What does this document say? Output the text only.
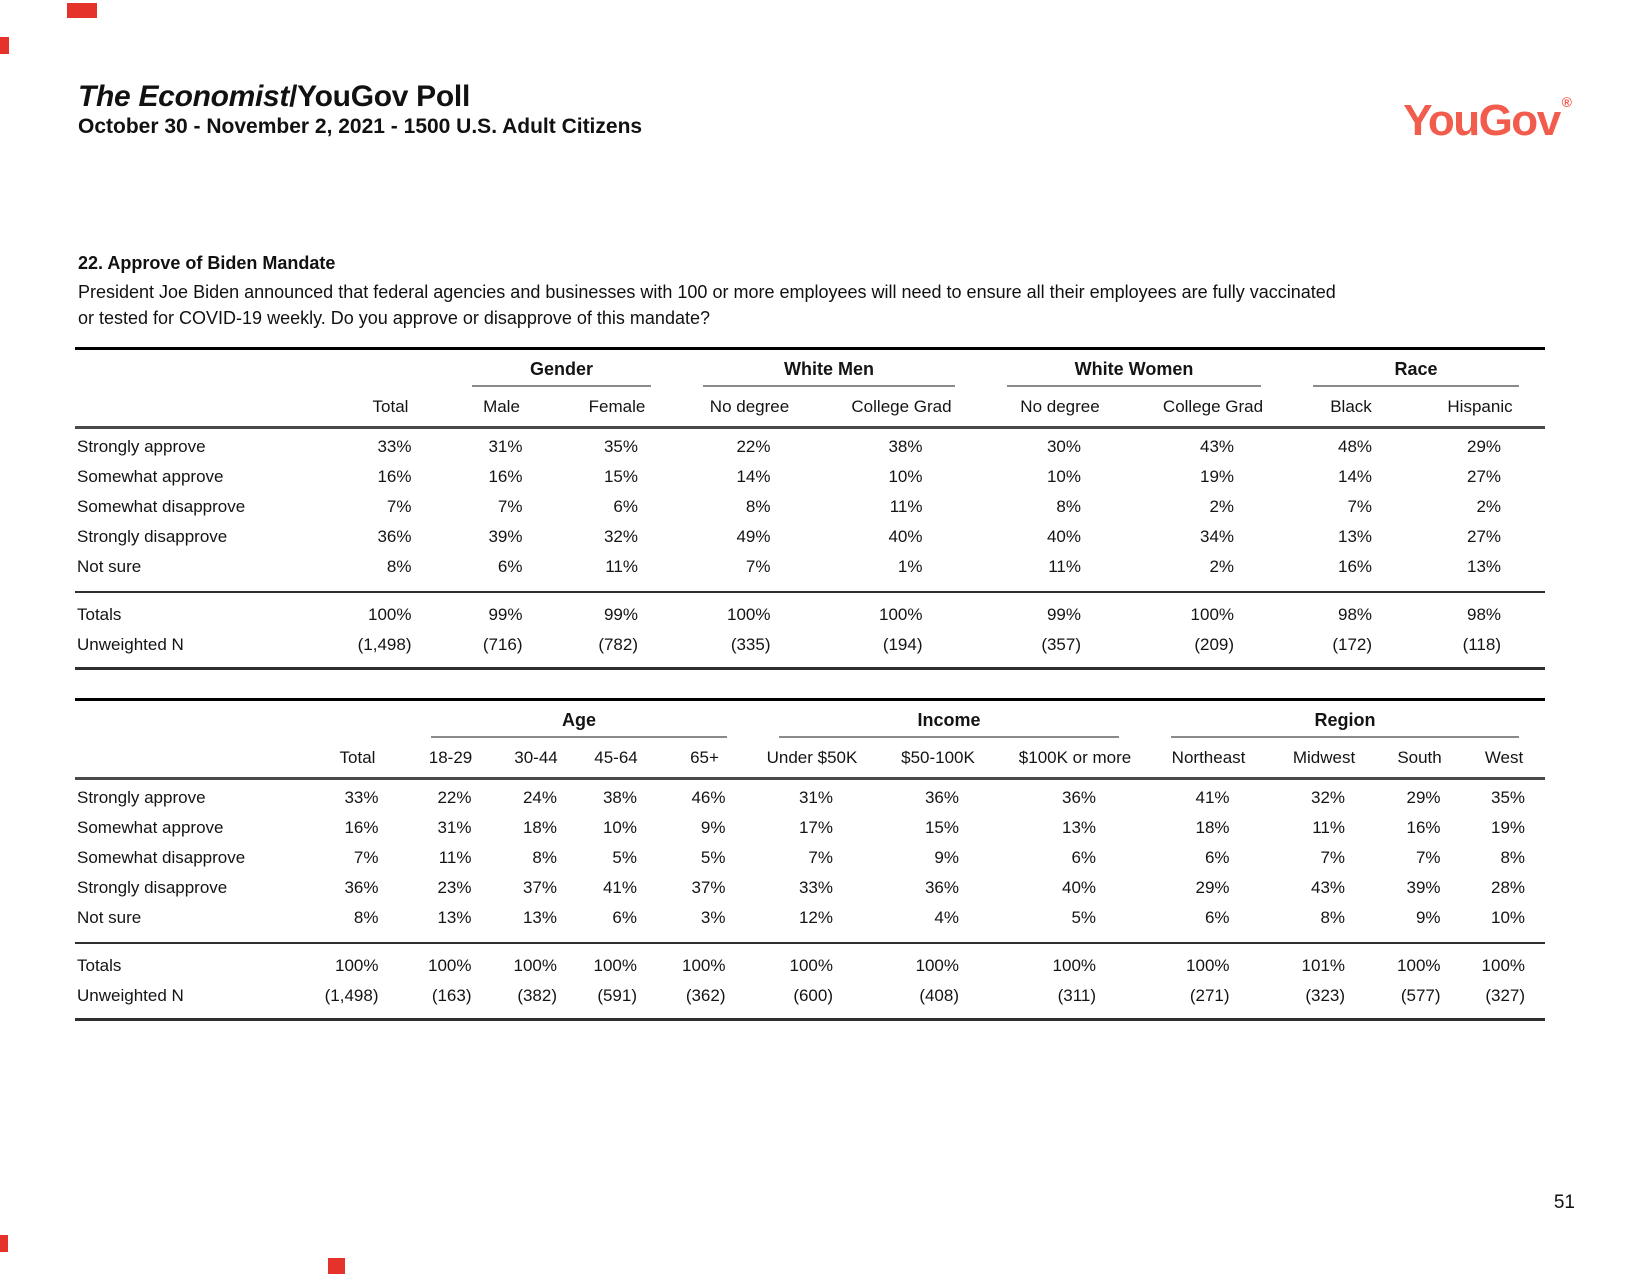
The Economist/YouGov Poll
October 30 - November 2, 2021 - 1500 U.S. Adult Citizens	YouGov ®
22. Approve of Biden Mandate
President Joe Biden announced that federal agencies and businesses with 100 or more employees will need to ensure all their employees are fully vaccinated
or tested for COVID-19 weekly. Do you approve or disapprove of this mandate?

		Gender		White Men		White Women		Race	

	Total	Male	Female	No degree	College Grad	No degree	College Grad	Black	Hispanic
Strongly approve	33%	31%	35%	22%	38%	30%	43%	48%	29%
Somewhat approve	16%	16%	15%	14%	10%	10%	19%	14%	27%
Somewhat disapprove	7%	7%	6%	8%	11%	8%	2%	7%	2%
Strongly disapprove	36%	39%	32%	49%	40%	40%	34%	13%	27%
Not sure	8%	6%	11%	7%	1%	11%	2%	16%	13%
Totals	100%	99%	99%	100%	100%	99%	100%	98%	98%
Unweighted N	(1,498)	(716)	(782)	(335)	(194)	(357)	(209)	(172)	(118)

		Age				Income			Region			

	Total	18-29	30-44	45-64	65+	Under $50K	$50-100K	$100K or more	Northeast	Midwest	South	West
Strongly approve	33%	22%	24%	38%	46%	31%	36%	36%	41%	32%	29%	35%
Somewhat approve	16%	31%	18%	10%	9%	17%	15%	13%	18%	11%	16%	19%
Somewhat disapprove	7%	11%	8%	5%	5%	7%	9%	6%	6%	7%	7%	8%
Strongly disapprove	36%	23%	37%	41%	37%	33%	36%	40%	29%	43%	39%	28%
Not sure	8%	13%	13%	6%	3%	12%	4%	5%	6%	8%	9%	10%
Totals	100%	100%	100%	100%	100%	100%	100%	100%	100%	101%	100%	100%
Unweighted N	(1,498)	(163)	(382)	(591)	(362)	(600)	(408)	(311)	(271)	(323)	(577)	(327)
51
